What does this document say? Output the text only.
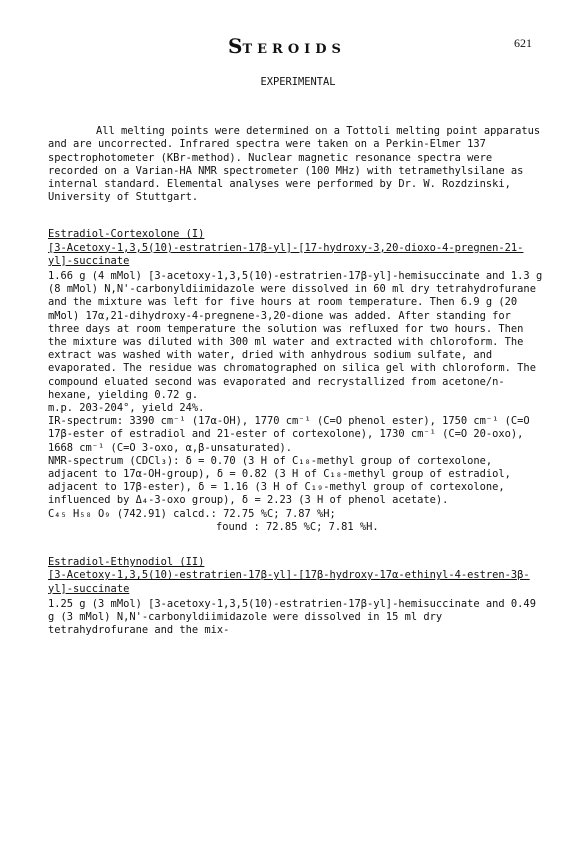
STEROIDS	621
EXPERIMENTAL

All melting points were determined on a Tottoli melting point apparatus and are uncorrected. Infrared spectra were taken on a Perkin-Elmer 137 spectrophotometer (KBr-method). Nuclear magnetic resonance spectra were recorded on a Varian-HA NMR spectrometer (100 MHz) with tetramethylsilane as internal standard. Elemental analyses were performed by Dr. W. Rozdzinski, University of Stuttgart.

Estradiol-Cortexolone (I)

[3-Acetoxy-1,3,5(10)-estratrien-17β-yl]-[17-hydroxy-3,20-dioxo-4-pregnen-21-yl]-succinate

1.66 g (4 mMol) [3-acetoxy-1,3,5(10)-estratrien-17β-yl]-hemisuccinate and 1.3 g (8 mMol) N,N'-carbonyldiimidazole were dissolved in 60 ml dry tetrahydrofurane and the mixture was left for five hours at room temperature. Then 6.9 g (20 mMol) 17α,21-dihydroxy-4-pregnene-3,20-dione was added. After standing for three days at room temperature the solution was refluxed for two hours. Then the mixture was diluted with 300 ml water and extracted with chloroform. The extract was washed with water, dried with anhydrous sodium sulfate, and evaporated. The residue was chromatographed on silica gel with chloroform. The compound eluated second was evaporated and recrystallized from acetone/n-hexane, yielding 0.72 g.

m.p. 203-204°, yield 24%.

IR-spectrum: 3390 cm⁻¹ (17α-OH), 1770 cm⁻¹ (C=O phenol ester), 1750 cm⁻¹ (C=O 17β-ester of estradiol and 21-ester of cortexolone), 1730 cm⁻¹ (C=O 20-oxo), 1668 cm⁻¹ (C=O 3-oxo, α,β-unsaturated).

NMR-spectrum (CDCl₃): δ = 0.70 (3 H of C₁₈-methyl group of cortexolone, adjacent to 17α-OH-group), δ = 0.82 (3 H of C₁₈-methyl group of estradiol, adjacent to 17β-ester), δ = 1.16 (3 H of C₁₉-methyl group of cortexolone, influenced by Δ₄-3-oxo group), δ = 2.23 (3 H of phenol acetate).

C₄₅ H₅₈ O₉ (742.91) calcd.: 72.75 %C; 7.87 %H;

found : 72.85 %C; 7.81 %H.

Estradiol-Ethynodiol (II)

[3-Acetoxy-1,3,5(10)-estratrien-17β-yl]-[17β-hydroxy-17α-ethinyl-4-estren-3β-yl]-succinate

1.25 g (3 mMol) [3-acetoxy-1,3,5(10)-estratrien-17β-yl]-hemisuccinate and 0.49 g (3 mMol) N,N'-carbonyldiimidazole were dissolved in 15 ml dry tetrahydrofurane and the mix-
